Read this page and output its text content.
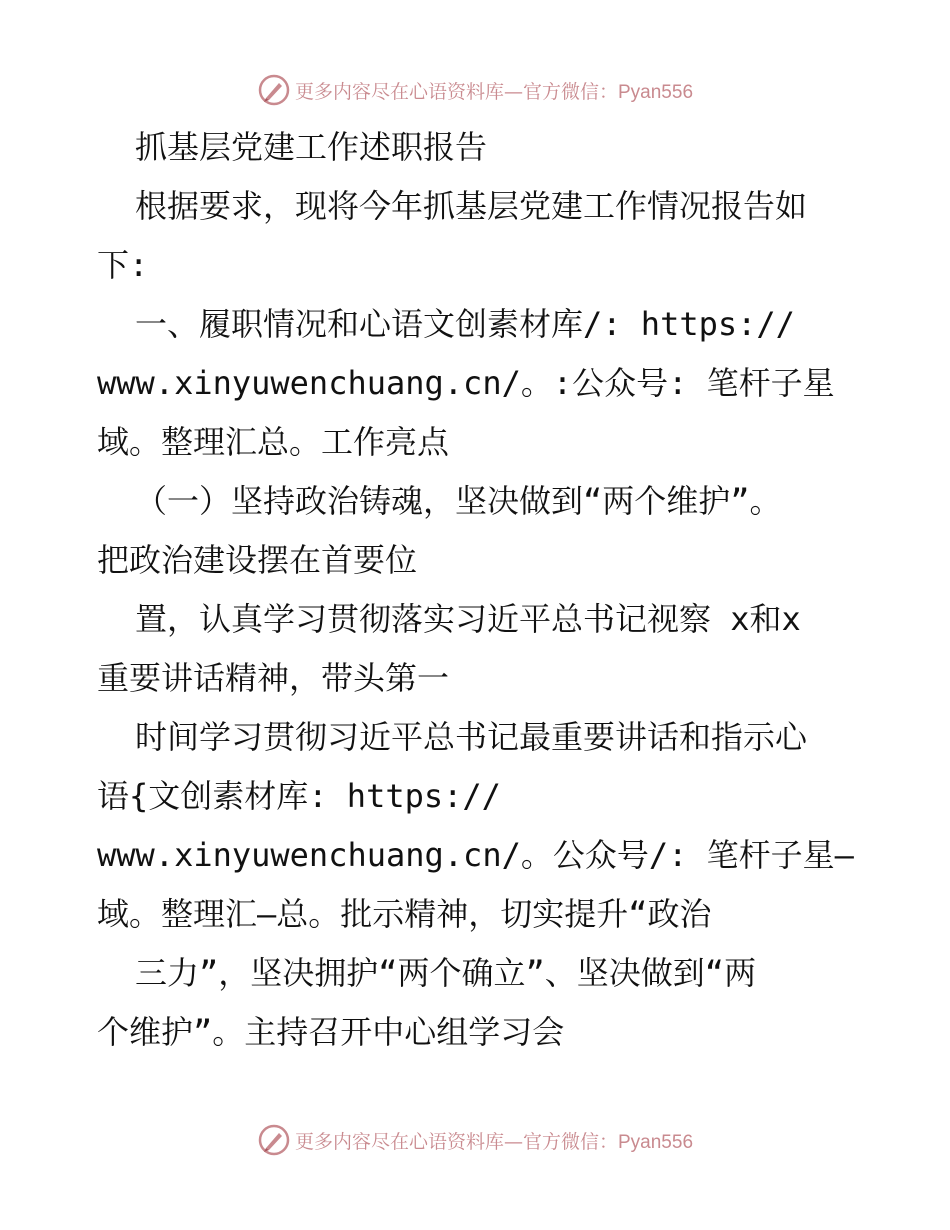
更多内容尽在心语资料库—官方微信：Pyan556
抓基层党建工作述职报告
根据要求，现将今年抓基层党建工作情况报告如
下:
一、履职情况和心语文创素材库/: https://
www.xinyuwenchuang.cn/。:公众号: 笔杆子星
域。整理汇总。工作亮点
（一）坚持政治铸魂，坚决做到“两个维护”。
把政治建设摆在首要位
置，认真学习贯彻落实习近平总书记视察 x和x
重要讲话精神，带头第一
时间学习贯彻习近平总书记最重要讲话和指示心
语{文创素材库: https://
www.xinyuwenchuang.cn/。公众号/: 笔杆子星—
域。整理汇—总。批示精神，切实提升“政治
三力”，坚决拥护“两个确立”、坚决做到“两
个维护”。主持召开中心组学习会
更多内容尽在心语资料库—官方微信：Pyan556
